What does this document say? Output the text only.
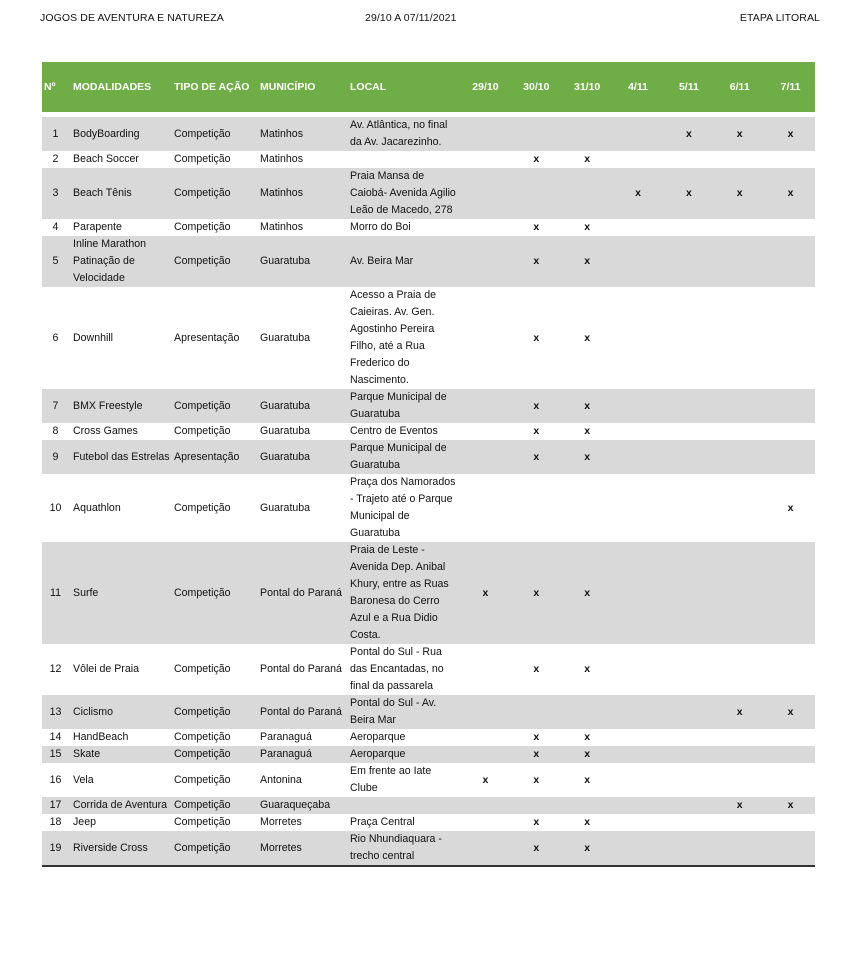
JOGOS DE AVENTURA E NATUREZA	29/10 A 07/11/2021	ETAPA LITORAL
Nº	MODALIDADES	TIPO DE AÇÃO	MUNICÍPIO	LOCAL	29/10	30/10	31/10	4/11	5/11	6/11	7/11

1	BodyBoarding	Competição	Matinhos	Av. Atlântica, no final da Av. Jacarezinho.					x	x	x
2	Beach Soccer	Competição	Matinhos			x	x				
3	Beach Tênis	Competição	Matinhos	Praia Mansa de Caiobá- Avenida Agilio Leão de Macedo, 278				x	x	x	x
4	Parapente	Competição	Matinhos	Morro do Boi		x	x				
5	Inline Marathon Patinação de Velocidade	Competição	Guaratuba	Av. Beira Mar		x	x				
6	Downhill	Apresentação	Guaratuba	Acesso a Praia de Caieiras. Av. Gen. Agostinho Pereira Filho, até a Rua Frederico do Nascimento.		x	x				
7	BMX Freestyle	Competição	Guaratuba	Parque Municipal de Guaratuba		x	x				
8	Cross Games	Competição	Guaratuba	Centro de Eventos		x	x				
9	Futebol das Estrelas	Apresentação	Guaratuba	Parque Municipal de Guaratuba		x	x				
10	Aquathlon	Competição	Guaratuba	Praça dos Namorados - Trajeto até o Parque Municipal de Guaratuba							x
11	Surfe	Competição	Pontal do Paraná	Praia de Leste - Avenida Dep. Anibal Khury, entre as Ruas Baronesa do Cerro Azul e a Rua Didio Costa.	x	x	x				
12	Vôlei de Praia	Competição	Pontal do Paraná	Pontal do Sul - Rua das Encantadas, no final da passarela		x	x				
13	Ciclismo	Competição	Pontal do Paraná	Pontal do Sul - Av. Beira Mar						x	x
14	HandBeach	Competição	Paranaguá	Aeroparque		x	x				
15	Skate	Competição	Paranaguá	Aeroparque		x	x				
16	Vela	Competição	Antonina	Em frente ao Iate Clube	x	x	x				
17	Corrida de Aventura	Competição	Guaraqueçaba							x	x
18	Jeep	Competição	Morretes	Praça Central		x	x				
19	Riverside Cross	Competição	Morretes	Rio Nhundiaquara - trecho central		x	x				
